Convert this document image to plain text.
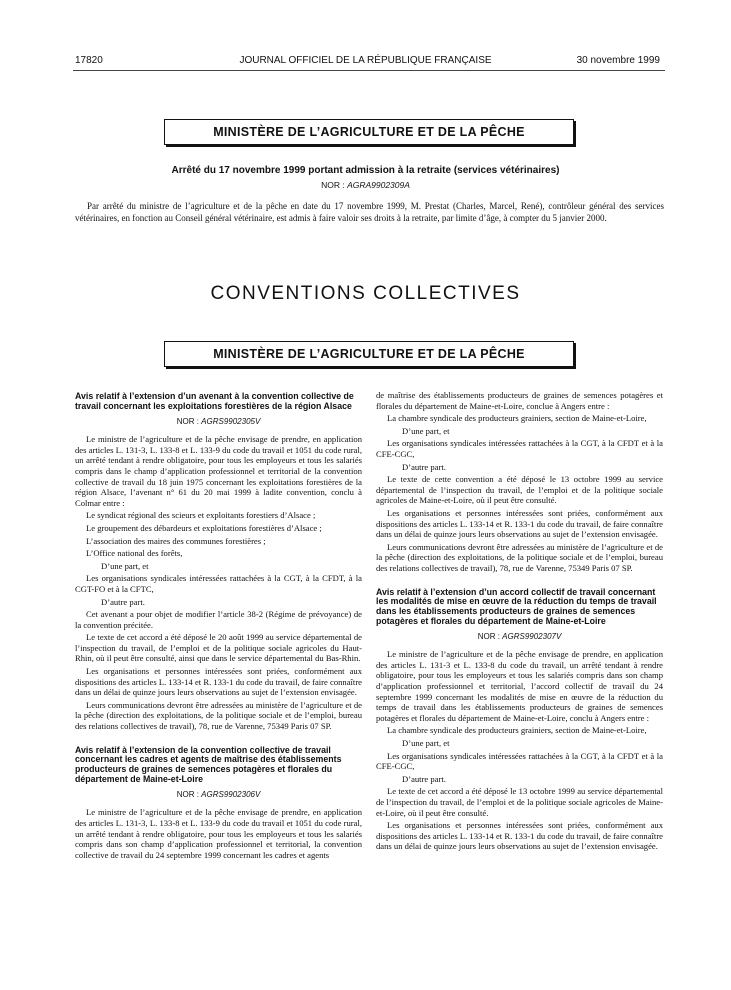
17820	JOURNAL OFFICIEL DE LA RÉPUBLIQUE FRANÇAISE	30 novembre 1999
MINISTÈRE DE L’AGRICULTURE ET DE LA PÊCHE
Arrêté du 17 novembre 1999 portant admission à la retraite (services vétérinaires)
NOR : AGRA9902309A

Par arrêté du ministre de l’agriculture et de la pêche en date du 17 novembre 1999, M. Prestat (Charles, Marcel, René), contrôleur général des services vétérinaires, en fonction au Conseil général vétérinaire, est admis à faire valoir ses droits à la retraite, par limite d’âge, à compter du 5 janvier 2000.

CONVENTIONS COLLECTIVES
MINISTÈRE DE L’AGRICULTURE ET DE LA PÊCHE
Avis relatif à l’extension d’un avenant à la convention collective de travail concernant les exploitations forestières de la région Alsace
NOR : AGRS9902305V

Le ministre de l’agriculture et de la pêche envisage de prendre, en application des articles L. 131-3, L. 133-8 et L. 133-9 du code du travail et 1051 du code rural, un arrêté tendant à rendre obligatoire, pour tous les employeurs et tous les salariés compris dans le champ d’application professionnel et territorial de la convention collective de travail du 18 juin 1975 concernant les exploitations forestières de la région Alsace, l’avenant n° 61 du 20 mai 1999 à ladite convention, conclu à Colmar entre :

Le syndicat régional des scieurs et exploitants forestiers d’Alsace ;

Le groupement des débardeurs et exploitations forestières d’Alsace ;

L’association des maires des communes forestières ;

L’Office national des forêts,

D’une part, et

Les organisations syndicales intéressées rattachées à la CGT, à la CFDT, à la CGT-FO et à la CFTC,

D’autre part.

Cet avenant a pour objet de modifier l’article 38-2 (Régime de prévoyance) de la convention précitée.

Le texte de cet accord a été déposé le 20 août 1999 au service départemental de l’inspection du travail, de l’emploi et de la politique sociale agricoles du Haut-Rhin, où il peut être consulté, ainsi que dans le service départemental du Bas-Rhin.

Les organisations et personnes intéressées sont priées, conformément aux dispositions des articles L. 133-14 et R. 133-1 du code du travail, de faire connaître dans un délai de quinze jours leurs observations au sujet de l’extension envisagée.

Leurs communications devront être adressées au ministère de l’agriculture et de la pêche (direction des exploitations, de la politique sociale et de l’emploi, bureau des relations collectives de travail), 78, rue de Varenne, 75349 Paris 07 SP.

Avis relatif à l’extension de la convention collective de travail concernant les cadres et agents de maîtrise des établissements producteurs de graines de semences potagères et florales du département de Maine-et-Loire
NOR : AGRS9902306V

Le ministre de l’agriculture et de la pêche envisage de prendre, en application des articles L. 131-3, L. 133-8 et L. 133-9 du code du travail et 1051 du code rural, un arrêté tendant à rendre obligatoire, pour tous les employeurs et tous les salariés compris dans son champ d’application professionnel et territorial, la convention collective de travail du 24 septembre 1999 concernant les cadres et agents

de maîtrise des établissements producteurs de graines de semences potagères et florales du département de Maine-et-Loire, conclue à Angers entre :

La chambre syndicale des producteurs grainiers, section de Maine-et-Loire,

D’une part, et

Les organisations syndicales intéressées rattachées à la CGT, à la CFDT et à la CFE-CGC,

D’autre part.

Le texte de cette convention a été déposé le 13 octobre 1999 au service départemental de l’inspection du travail, de l’emploi et de la politique sociale agricoles de Maine-et-Loire, où il peut être consulté.

Les organisations et personnes intéressées sont priées, conformément aux dispositions des articles L. 133-14 et R. 133-1 du code du travail, de faire connaître dans un délai de quinze jours leurs observations au sujet de l’extension envisagée.

Leurs communications devront être adressées au ministère de l’agriculture et de la pêche (direction des exploitations, de la politique sociale et de l’emploi, bureau des relations collectives de travail), 78, rue de Varenne, 75349 Paris 07 SP.

Avis relatif à l’extension d’un accord collectif de travail concernant les modalités de mise en œuvre de la réduction du temps de travail dans les établissements producteurs de graines de semences potagères et florales du département de Maine-et-Loire
NOR : AGRS9902307V

Le ministre de l’agriculture et de la pêche envisage de prendre, en application des articles L. 131-3 et L. 133-8 du code du travail, un arrêté tendant à rendre obligatoire, pour tous les employeurs et tous les salariés compris dans son champ d’application professionnel et territorial, l’accord collectif de travail du 24 septembre 1999 concernant les modalités de mise en œuvre de la réduction du temps de travail dans les établissements producteurs de graines de semences potagères et florales du département de Maine-et-Loire, conclu à Angers entre :

La chambre syndicale des producteurs grainiers, section de Maine-et-Loire,

D’une part, et

Les organisations syndicales intéressées rattachées à la CGT, à la CFDT et à la CFE-CGC,

D’autre part.

Le texte de cet accord a été déposé le 13 octobre 1999 au service départemental de l’inspection du travail, de l’emploi et de la politique sociale agricoles de Maine-et-Loire, où il peut être consulté.

Les organisations et personnes intéressées sont priées, conformément aux dispositions des articles L. 133-14 et R. 133-1 du code du travail, de faire connaître dans un délai de quinze jours leurs observations au sujet de l’extension envisagée.
